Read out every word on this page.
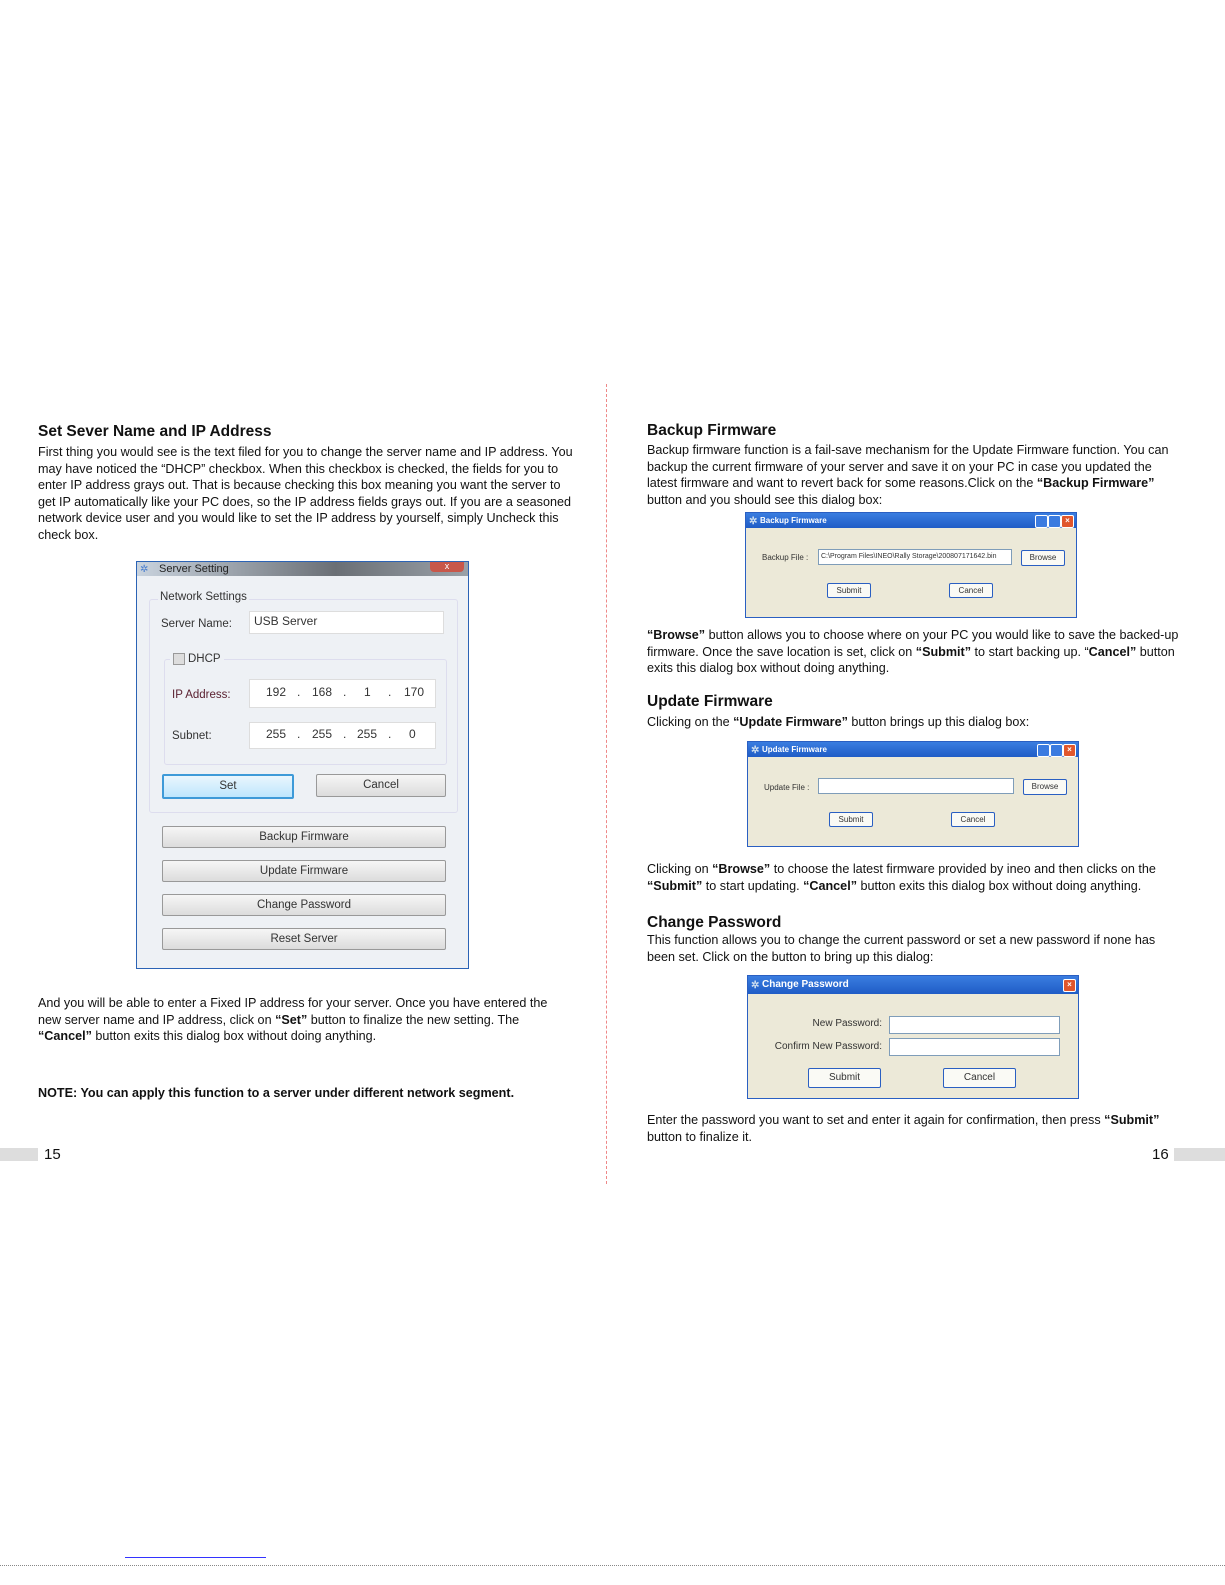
Set Sever Name and IP Address
First thing you would see is the text filed for you to change the server name and IP address. You may have noticed the “DHCP” checkbox. When this checkbox is checked, the fields for you to enter IP address grays out. That is because checking this box meaning you want the server to get IP automatically like your PC does, so the IP address fields grays out. If you are a seasoned network device user and you would like to set the IP address by yourself, simply Uncheck this check box.
✲ Server Setting	x
Network Settings
Server Name:	USB Server
DHCP
IP Address:	192 . 168 . 1 . 170
Subnet:	255 . 255 . 255 . 0
Set	Cancel
Backup Firmware
Update Firmware
Change Password
Reset Server
And you will be able to enter a Fixed IP address for your server. Once you have entered the new server name and IP address, click on “Set” button to finalize the new setting. The “Cancel” button exits this dialog box without doing anything.
NOTE: You can apply this function to a server under different network segment.
15
Backup Firmware
Backup firmware function is a fail-save mechanism for the Update Firmware function. You can backup the current firmware of your server and save it on your PC in case you updated the latest firmware and want to revert back for some reasons.Click on the “Backup Firmware” button and you should see this dialog box:
✲ Backup Firmware	×
Backup File :	C:\Program Files\INEO\Rally Storage\200807171642.bin	Browse
Submit	Cancel
“Browse” button allows you to choose where on your PC you would like to save the backed-up firmware. Once the save location is set, click on “Submit” to start backing up. “Cancel” button exits this dialog box without doing anything.
Update Firmware
Clicking on the “Update Firmware” button brings up this dialog box:
✲ Update Firmware	×
Update File :	Browse
Submit	Cancel
Clicking on “Browse” to choose the latest firmware provided by ineo and then clicks on the “Submit” to start updating. “Cancel” button exits this dialog box without doing anything.
Change Password
This function allows you to change the current password or set a new password if none has been set. Click on the button to bring up this dialog:
✲ Change Password	×
New Password:
Confirm New Password:
Submit	Cancel
Enter the password you want to set and enter it again for confirmation, then press “Submit” button to finalize it.
16
